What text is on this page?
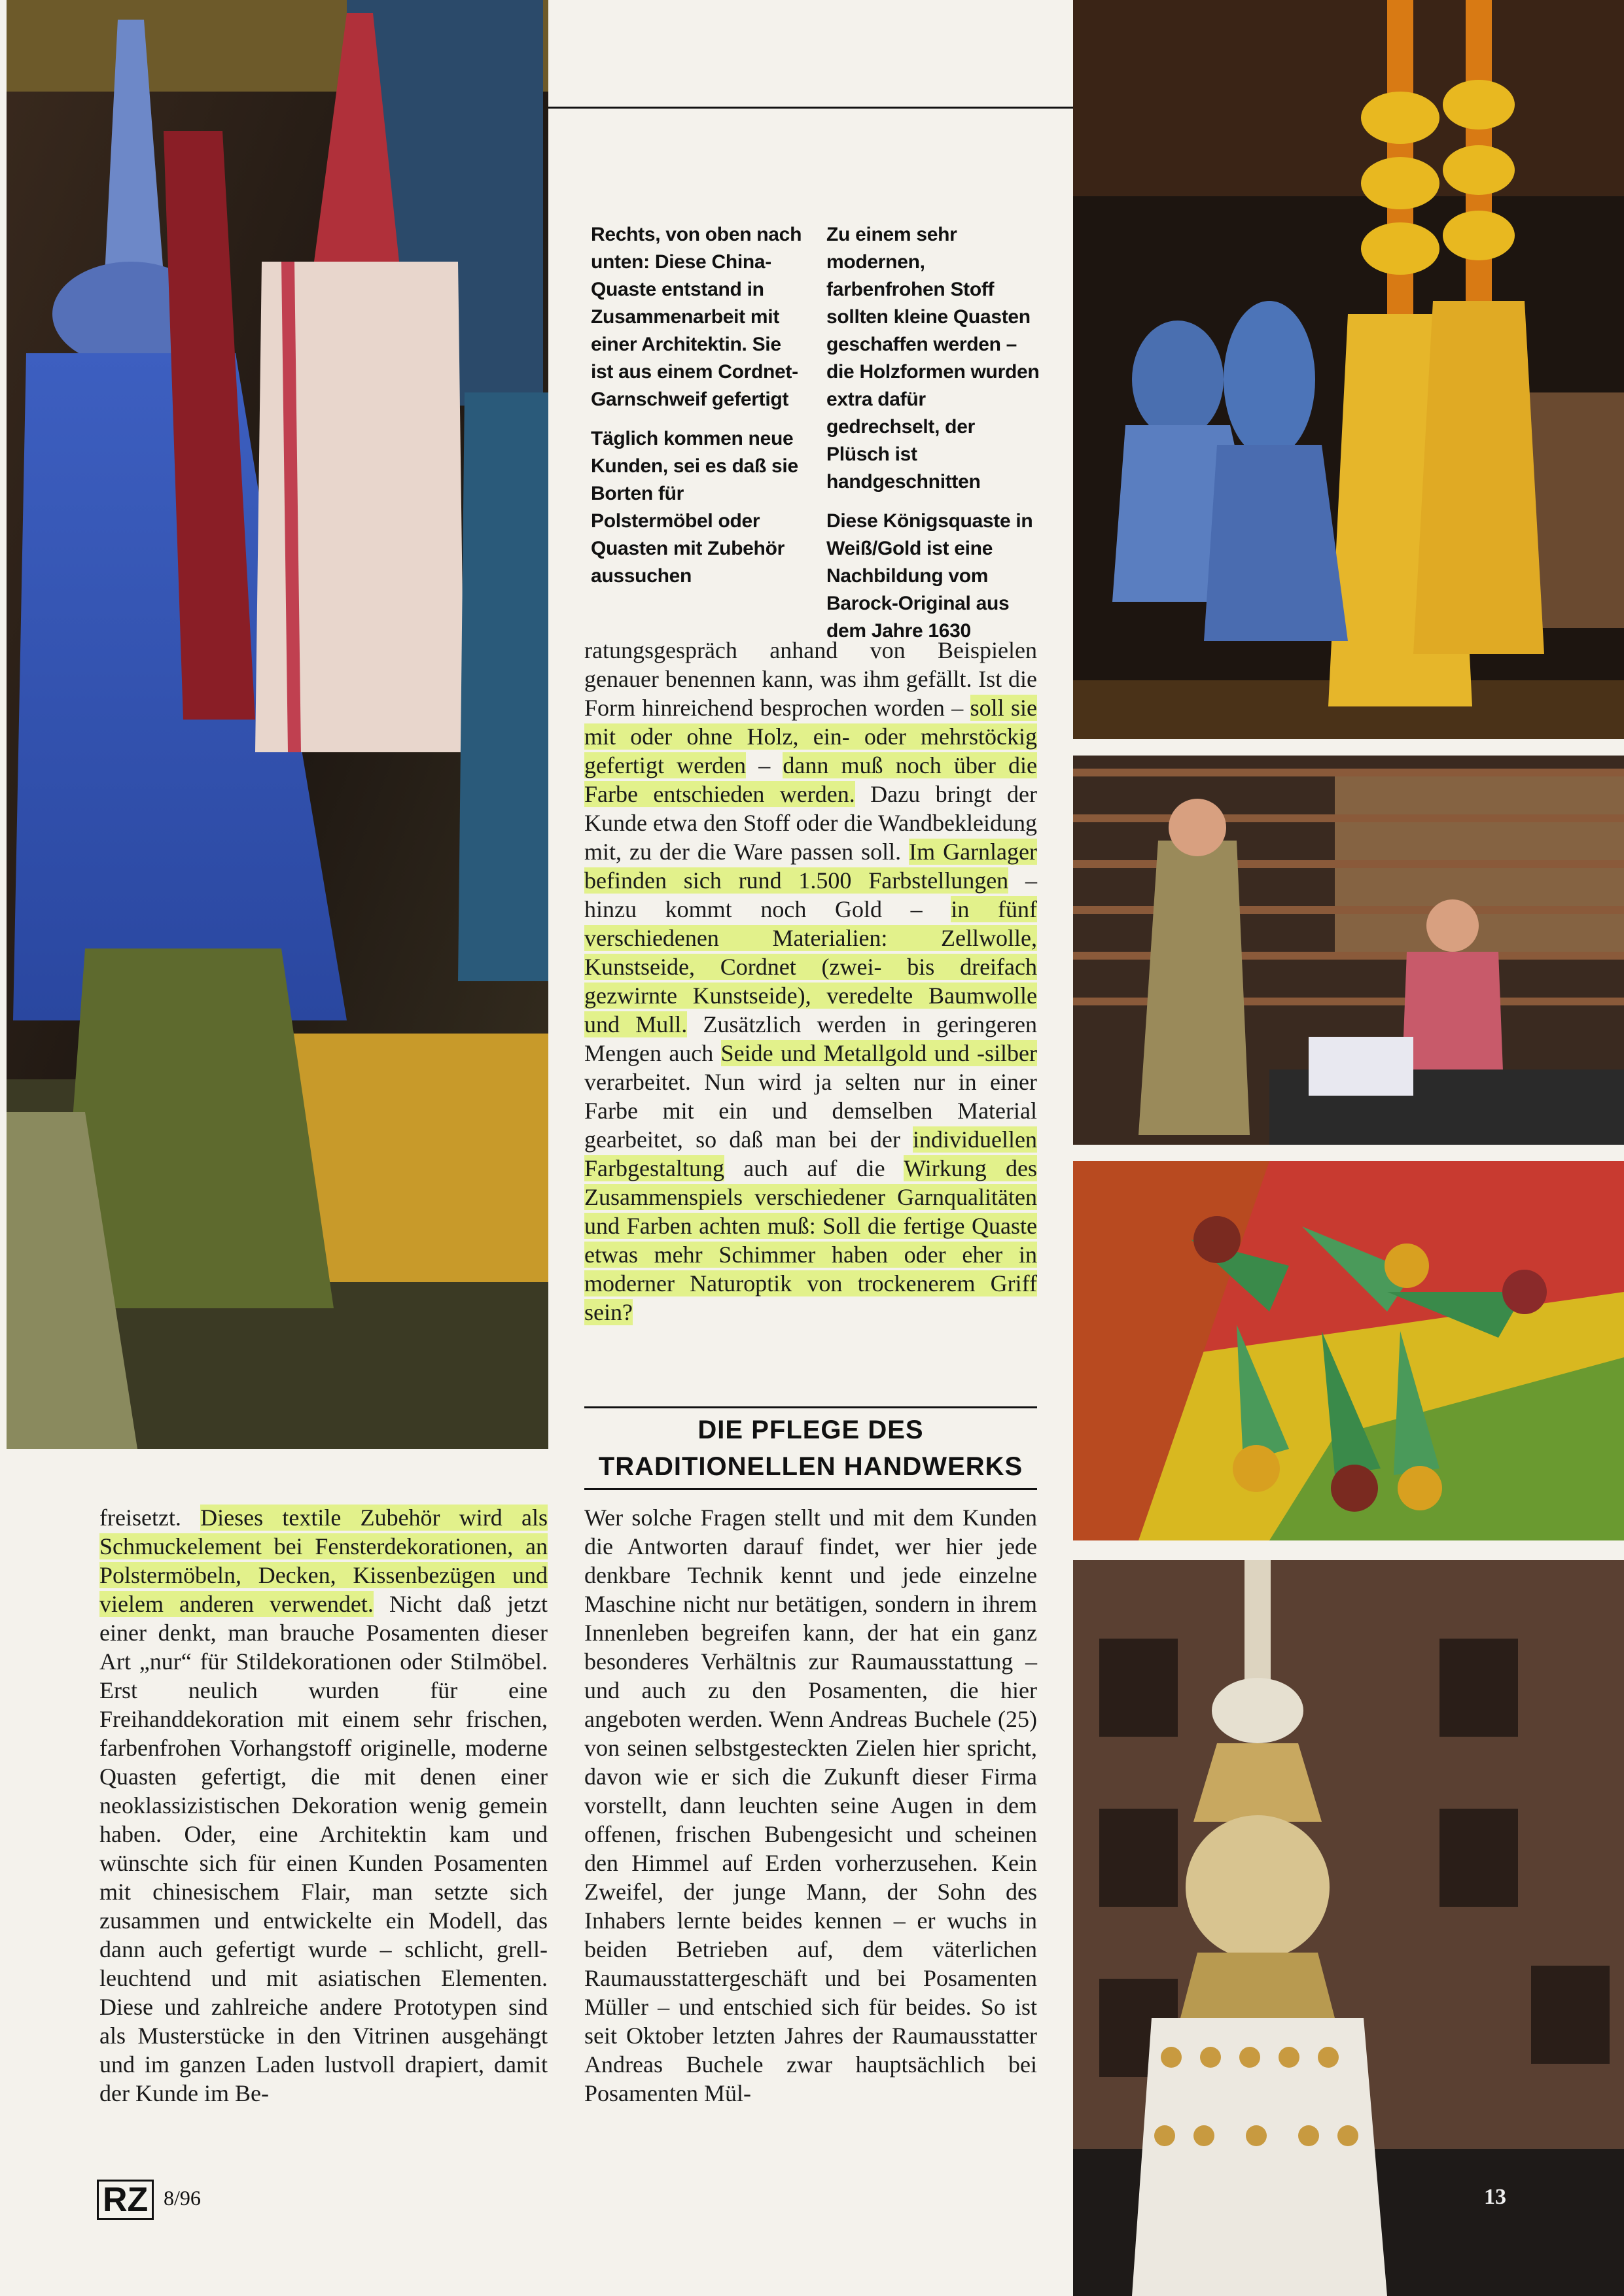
Rechts, von oben nach unten: Diese China-Quaste entstand in Zusammenarbeit mit einer Architektin. Sie ist aus einem Cordnet-Garnschweif gefertigt

Täglich kommen neue Kunden, sei es daß sie Borten für Polstermöbel oder Quasten mit Zubehör aussuchen

Zu einem sehr modernen, farbenfrohen Stoff sollten kleine Quasten geschaffen werden – die Holzformen wurden extra dafür gedrechselt, der Plüsch ist handgeschnitten

Diese Königsquaste in Weiß/Gold ist eine Nachbildung vom Barock-Original aus dem Jahre 1630

ratungsgespräch anhand von Beispielen genauer benennen kann, was ihm gefällt. Ist die Form hinreichend besprochen worden – soll sie mit oder ohne Holz, ein- oder mehrstöckig gefertigt werden – dann muß noch über die Farbe entschieden werden. Dazu bringt der Kunde etwa den Stoff oder die Wandbekleidung mit, zu der die Ware passen soll. Im Garnlager befinden sich rund 1.500 Farbstellungen – hinzu kommt noch Gold – in fünf verschiedenen Materialien: Zellwolle, Kunstseide, Cordnet (zwei- bis dreifach gezwirnte Kunstseide), veredelte Baumwolle und Mull. Zusätzlich werden in geringeren Mengen auch Seide und Metallgold und -silber verarbeitet. Nun wird ja selten nur in einer Farbe mit ein und demselben Material gearbeitet, so daß man bei der individuellen Farbgestaltung auch auf die Wirkung des Zusammenspiels verschiedener Garnqualitäten und Farben achten muß: Soll die fertige Quaste etwas mehr Schimmer haben oder eher in moderner Naturoptik von trockenerem Griff sein?

DIE PFLEGE DES
TRADITIONELLEN HANDWERKS

Wer solche Fragen stellt und mit dem Kunden die Antworten darauf findet, wer hier jede denkbare Technik kennt und jede einzelne Maschine nicht nur betätigen, sondern in ihrem Innenleben begreifen kann, der hat ein ganz besonderes Verhältnis zur Raumausstattung – und auch zu den Posamenten, die hier angeboten werden. Wenn Andreas Buchele (25) von seinen selbstgesteckten Zielen hier spricht, davon wie er sich die Zukunft dieser Firma vorstellt, dann leuchten seine Augen in dem offenen, frischen Bubengesicht und scheinen den Himmel auf Erden vorherzusehen. Kein Zweifel, der junge Mann, der Sohn des Inhabers lernte beides kennen – er wuchs in beiden Betrieben auf, dem väterlichen Raumausstattergeschäft und bei Posamenten Müller – und entschied sich für beides. So ist seit Oktober letzten Jahres der Raumausstatter Andreas Buchele zwar hauptsächlich bei Posamenten Mül-

freisetzt. Dieses textile Zubehör wird als Schmuckelement bei Fensterdekorationen, an Polstermöbeln, Decken, Kissenbezügen und vielem anderen verwendet. Nicht daß jetzt einer denkt, man brauche Posamenten dieser Art „nur“ für Stildekorationen oder Stilmöbel. Erst neulich wurden für eine Freihanddekoration mit einem sehr frischen, farbenfrohen Vorhangstoff originelle, moderne Quasten gefertigt, die mit denen einer neoklassizistischen Dekoration wenig gemein haben. Oder, eine Architektin kam und wünschte sich für einen Kunden Posamenten mit chinesischem Flair, man setzte sich zusammen und entwickelte ein Modell, das dann auch gefertigt wurde – schlicht, grell-leuchtend und mit asiatischen Elementen. Diese und zahlreiche andere Prototypen sind als Musterstücke in den Vitrinen ausgehängt und im ganzen Laden lustvoll drapiert, damit der Kunde im Be-

RZ 8/96	13
